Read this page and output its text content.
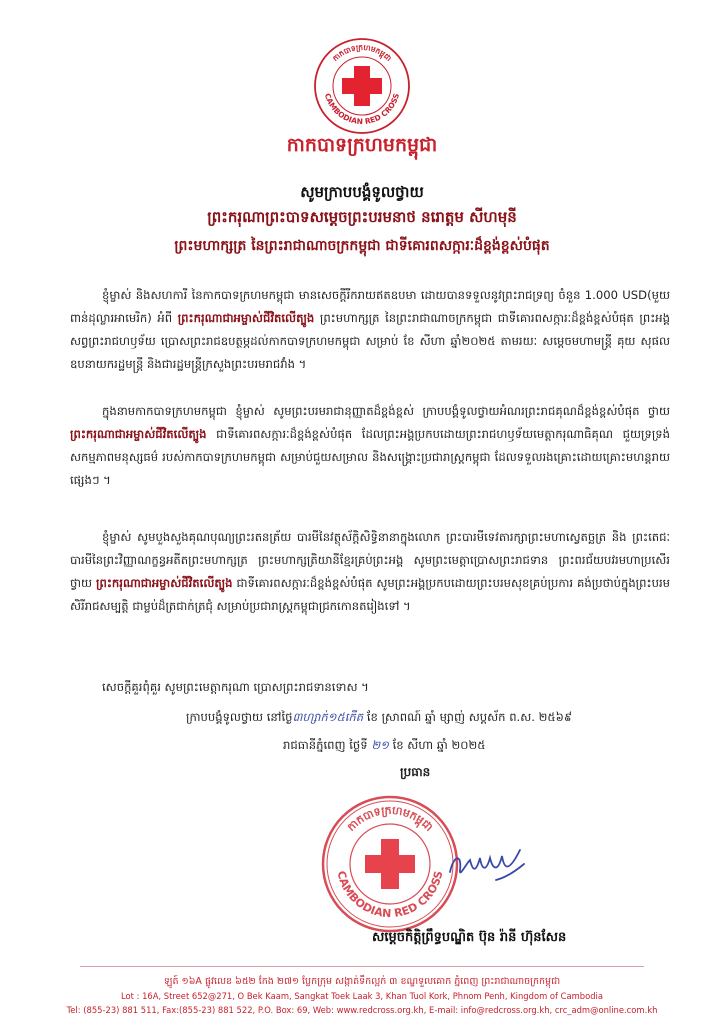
កាកបាទក្រហមកម្ពុជា
CAMBODIAN RED CROSS
កាកបាទក្រហមកម្ពុជា
សូមក្រាបបង្គំទូលថ្វាយ
ព្រះករុណាព្រះបាទសម្តេចព្រះបរមនាថ នរោត្តម សីហមុនី
ព្រះមហាក្សត្រ នៃព្រះរាជាណាចក្រកម្ពុជា ជាទីគោរពសក្ការៈដ៏ខ្ពង់ខ្ពស់បំផុត

ខ្ញុំម្ចាស់ និងសហការី នៃកាកបាទក្រហមកម្ពុជា មានសេចក្តីរីករាយឥតឧបមា ដោយបានទទួលនូវព្រះរាជទ្រព្យ ចំនួន 1.000 USD(មួយពាន់ដុល្លារអាមេរិក) អំពី ព្រះករុណាជាអម្ចាស់ជីវិតលើត្បូង ព្រះមហាក្សត្រ នៃព្រះរាជាណាចក្រកម្ពុជា ជាទីគោរពសក្ការៈដ៏ខ្ពង់ខ្ពស់បំផុត ព្រះអង្គសព្វព្រះរាជហឫទ័យ ប្រោសព្រះរាជឧបត្ថម្ភដល់កាកបាទក្រហមកម្ពុជា សម្រាប់ ខែ សីហា ឆ្នាំ២០២៥ តាមរយៈ សម្តេចមហាមន្ត្រី គុយ សុផល ឧបនាយករដ្ឋមន្ត្រី និងជារដ្ឋមន្ត្រីក្រសួងព្រះបរមរាជវាំង ។

ក្នុងនាមកាកបាទក្រហមកម្ពុជា ខ្ញុំម្ចាស់ សូមព្រះបរមរាជានុញ្ញាតដ៏ខ្ពង់ខ្ពស់ ក្រាបបង្គំទូលថ្វាយអំណរព្រះរាជគុណដ៏ខ្ពង់ខ្ពស់បំផុត ថ្វាយ ព្រះករុណាជាអម្ចាស់ជីវិតលើត្បូង ជាទីគោរពសក្ការៈដ៏ខ្ពង់ខ្ពស់បំផុត ដែលព្រះអង្គប្រកបដោយព្រះរាជហឫទ័យមេត្តាករុណាធិគុណ ជួយទ្រទ្រង់សកម្មភាពមនុស្សធម៌ របស់កាកបាទក្រហមកម្ពុជា សម្រាប់ជួយសម្រាល និងសង្គ្រោះប្រជារាស្ត្រកម្ពុជា ដែលទទួលរងគ្រោះដោយគ្រោះមហន្តរាយផ្សេងៗ ។

ខ្ញុំម្ចាស់ សូមបួងសួងគុណបុណ្យព្រះរតនត្រ័យ បារមីនៃវត្ថុស័ក្តិសិទ្ធិនានាក្នុងលោក ព្រះបារមីទេវតារក្សាព្រះមហាស្វេតច្ឆត្រ និង ព្រះតេជៈបារមីនៃព្រះវិញ្ញាណក្ខន្ធអតីតព្រះមហាក្សត្រ ព្រះមហាក្សត្រិយានីខ្មែរគ្រប់ព្រះអង្គ សូមព្រះមេត្តាប្រោសព្រះរាជទាន ព្រះពរជ័យបវរមហាប្រសើរ ថ្វាយ ព្រះករុណាជាអម្ចាស់ជីវិតលើត្បូង ជាទីគោរពសក្ការៈដ៏ខ្ពង់ខ្ពស់បំផុត សូមព្រះអង្គប្រកបដោយព្រះបរមសុខគ្រប់ប្រការ គង់ប្រថាប់ក្នុងព្រះបរមសិរីរាជសម្បត្តិ ជាម្លប់ដ៏ត្រជាក់ត្រជុំ សម្រាប់ប្រជារាស្ត្រកម្ពុជាជ្រកកោនតរៀងទៅ ។

សេចក្តីគួរពុំគួរ សូមព្រះមេត្តាករុណា ប្រោសព្រះរាជទានទោស ។

ក្រាបបង្គំទូលថ្វាយ នៅថ្ងៃ៣ហ្សាក់១៥កើត ខែ ស្រាពណ៍ ឆ្នាំ ម្សាញ់ សប្តស័ក ព.ស. ២៥៦៩
រាជធានីភ្នំពេញ ថ្ងៃទី ២១ ខែ សីហា ឆ្នាំ ២០២៥
ប្រធាន
កាកបាទក្រហមកម្ពុជា
CAMBODIAN RED CROSS
សម្តេចកិត្តិព្រឹទ្ធបណ្ឌិត ប៊ុន រ៉ានី ហ៊ុនសែន
ឡូត៍ ១៦A ផ្លូវលេខ ៦៥២ កែង ២៧១ ប្លែកក្រុម សង្កាត់ទឹកល្អក់ ៣ ខណ្ឌទួលគោក ភ្នំពេញ ព្រះរាជាណាចក្រកម្ពុជា
Lot : 16A, Street 652@271, O Bek Kaam, Sangkat Toek Laak 3, Khan Tuol Kork, Phnom Penh, Kingdom of Cambodia
Tel: (855-23) 881 511, Fax:(855-23) 881 522, P.O. Box: 69, Web: www.redcross.org.kh, E-mail: info@redcross.org.kh, crc_adm@online.com.kh
